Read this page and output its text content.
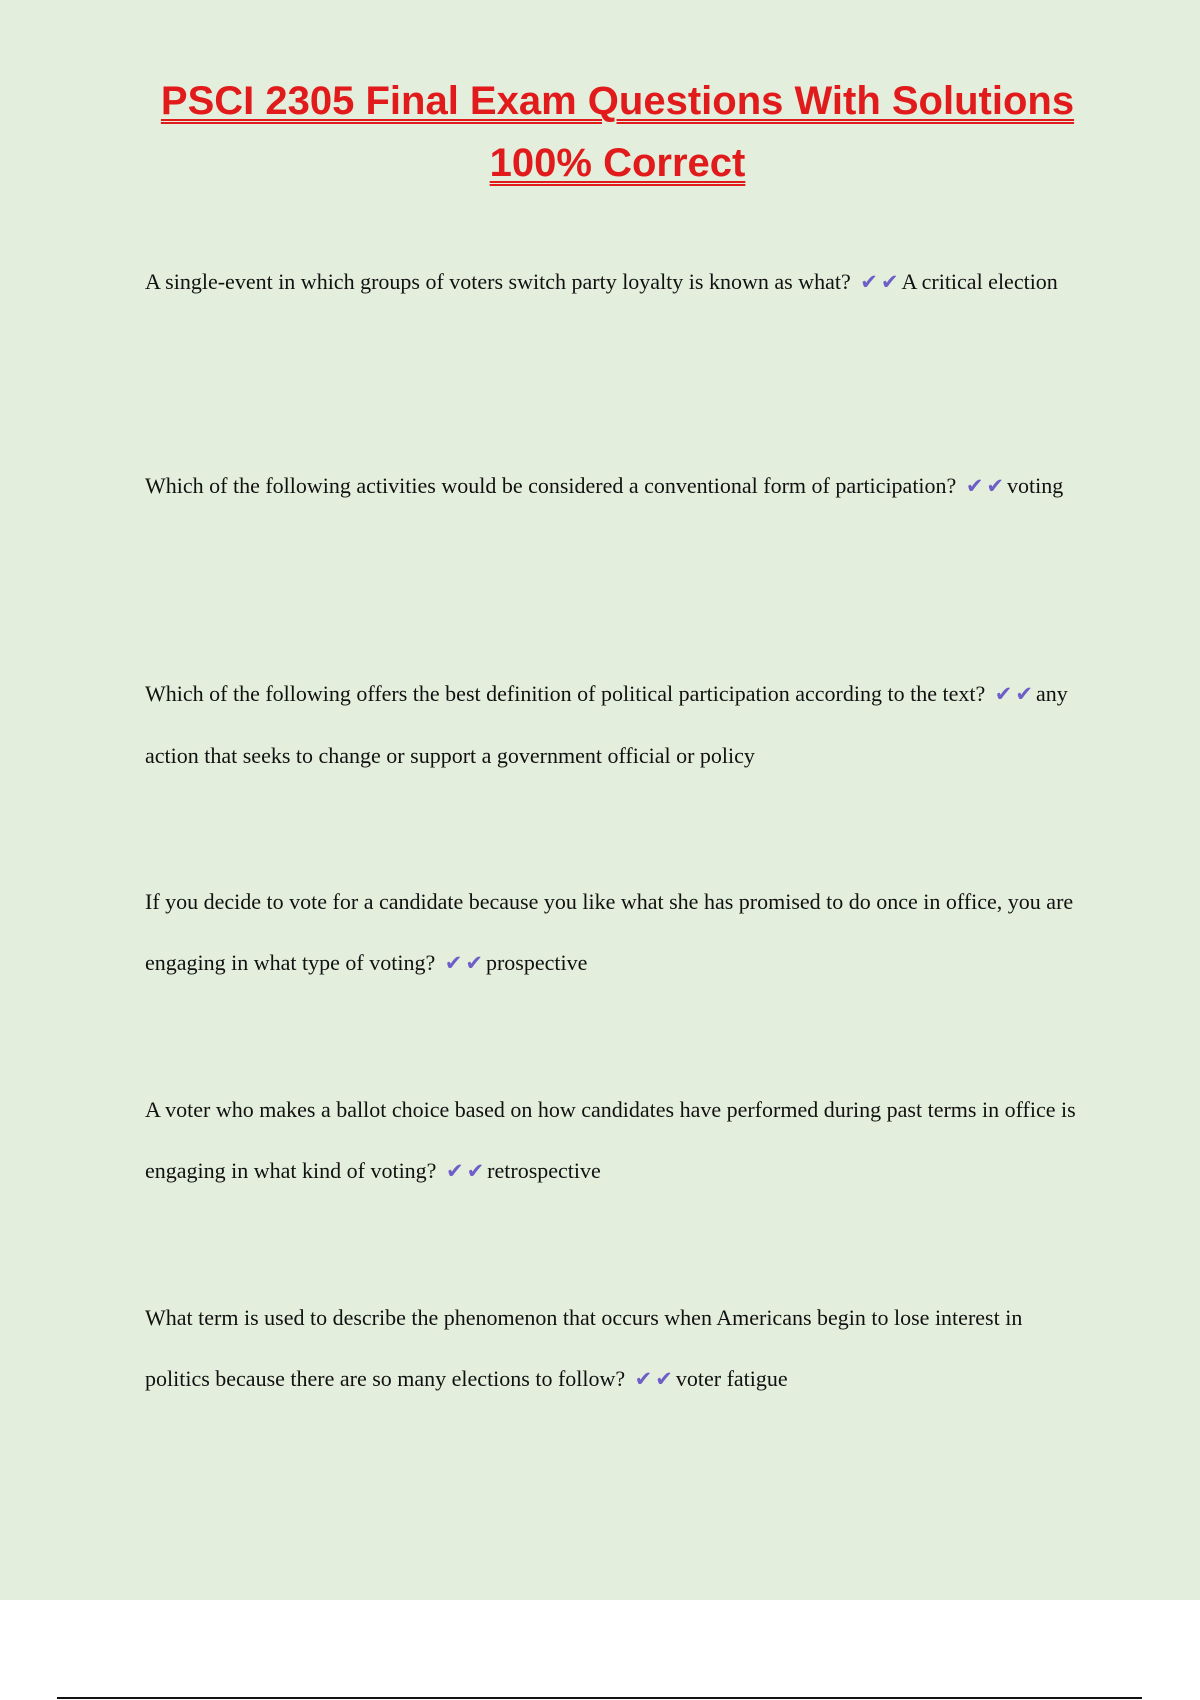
PSCI 2305 Final Exam Questions With Solutions
100% Correct

A single-event in which groups of voters switch party loyalty is known as what? ✔ ✔ A critical election

Which of the following activities would be considered a conventional form of participation? ✔ ✔ voting

Which of the following offers the best definition of political participation according to the text? ✔ ✔ any action that seeks to change or support a government official or policy

If you decide to vote for a candidate because you like what she has promised to do once in office, you are engaging in what type of voting? ✔ ✔ prospective

A voter who makes a ballot choice based on how candidates have performed during past terms in office is engaging in what kind of voting? ✔ ✔ retrospective

What term is used to describe the phenomenon that occurs when Americans begin to lose interest in politics because there are so many elections to follow? ✔ ✔ voter fatigue
